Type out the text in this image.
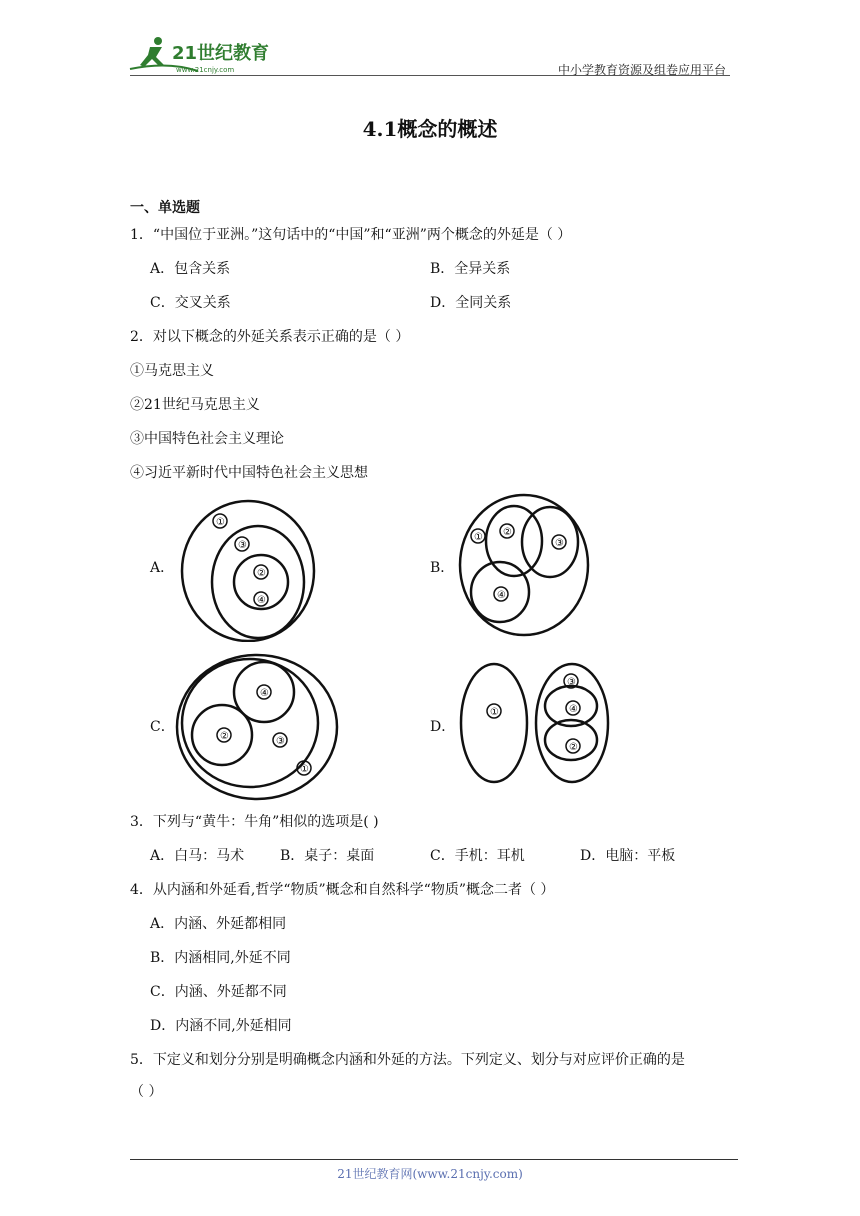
21世纪教育
www.21cnjy.com	中小学教育资源及组卷应用平台
4.1概念的概述
一、单选题
1．“中国位于亚洲。”这句话中的“中国”和“亚洲”两个概念的外延是（ ）
A．包含关系	B．全异关系
C．交叉关系	D．全同关系
2．对以下概念的外延关系表示正确的是（ ）
①马克思主义
②21世纪马克思主义
③中国特色社会主义理论
④习近平新时代中国特色社会主义思想
A．
①
③
②
④
B．
① ②
③
④
C．
④
②	③
①
D．
①
③
④
②
3．下列与“黄牛：牛角”相似的选项是( )
A．白马：马术	B．桌子：桌面	C．手机：耳机	D．电脑：平板
4．从内涵和外延看,哲学“物质”概念和自然科学“物质”概念二者（ ）
A．内涵、外延都相同
B．内涵相同,外延不同
C．内涵、外延都不同
D．内涵不同,外延相同
5．下定义和划分分别是明确概念内涵和外延的方法。下列定义、划分与对应评价正确的是
（ ）
21世纪教育网(www.21cnjy.com)
